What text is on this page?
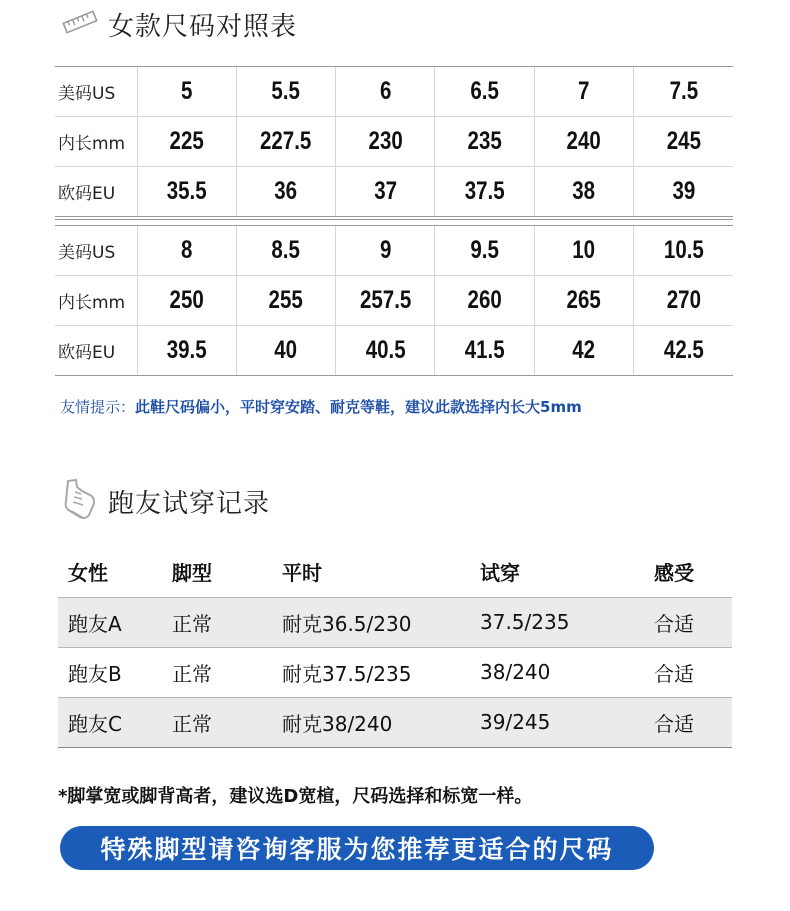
女款尺码对照表
美码US	5	5.5	6	6.5	7	7.5
内长mm	225	227.5	230	235	240	245
欧码EU	35.5	36	37	37.5	38	39
美码US	8	8.5	9	9.5	10	10.5
内长mm	250	255	257.5	260	265	270
欧码EU	39.5	40	40.5	41.5	42	42.5
友情提示：此鞋尺码偏小，平时穿安踏、耐克等鞋，建议此款选择内长大5mm
跑友试穿记录
女性	脚型	平时	试穿	感受
跑友A	正常	耐克36.5/230	37.5/235	合适
跑友B	正常	耐克37.5/235	38/240	合适
跑友C	正常	耐克38/240	39/245	合适
*脚掌宽或脚背高者，建议选D宽楦，尺码选择和标宽一样。
特殊脚型请咨询客服为您推荐更适合的尺码
